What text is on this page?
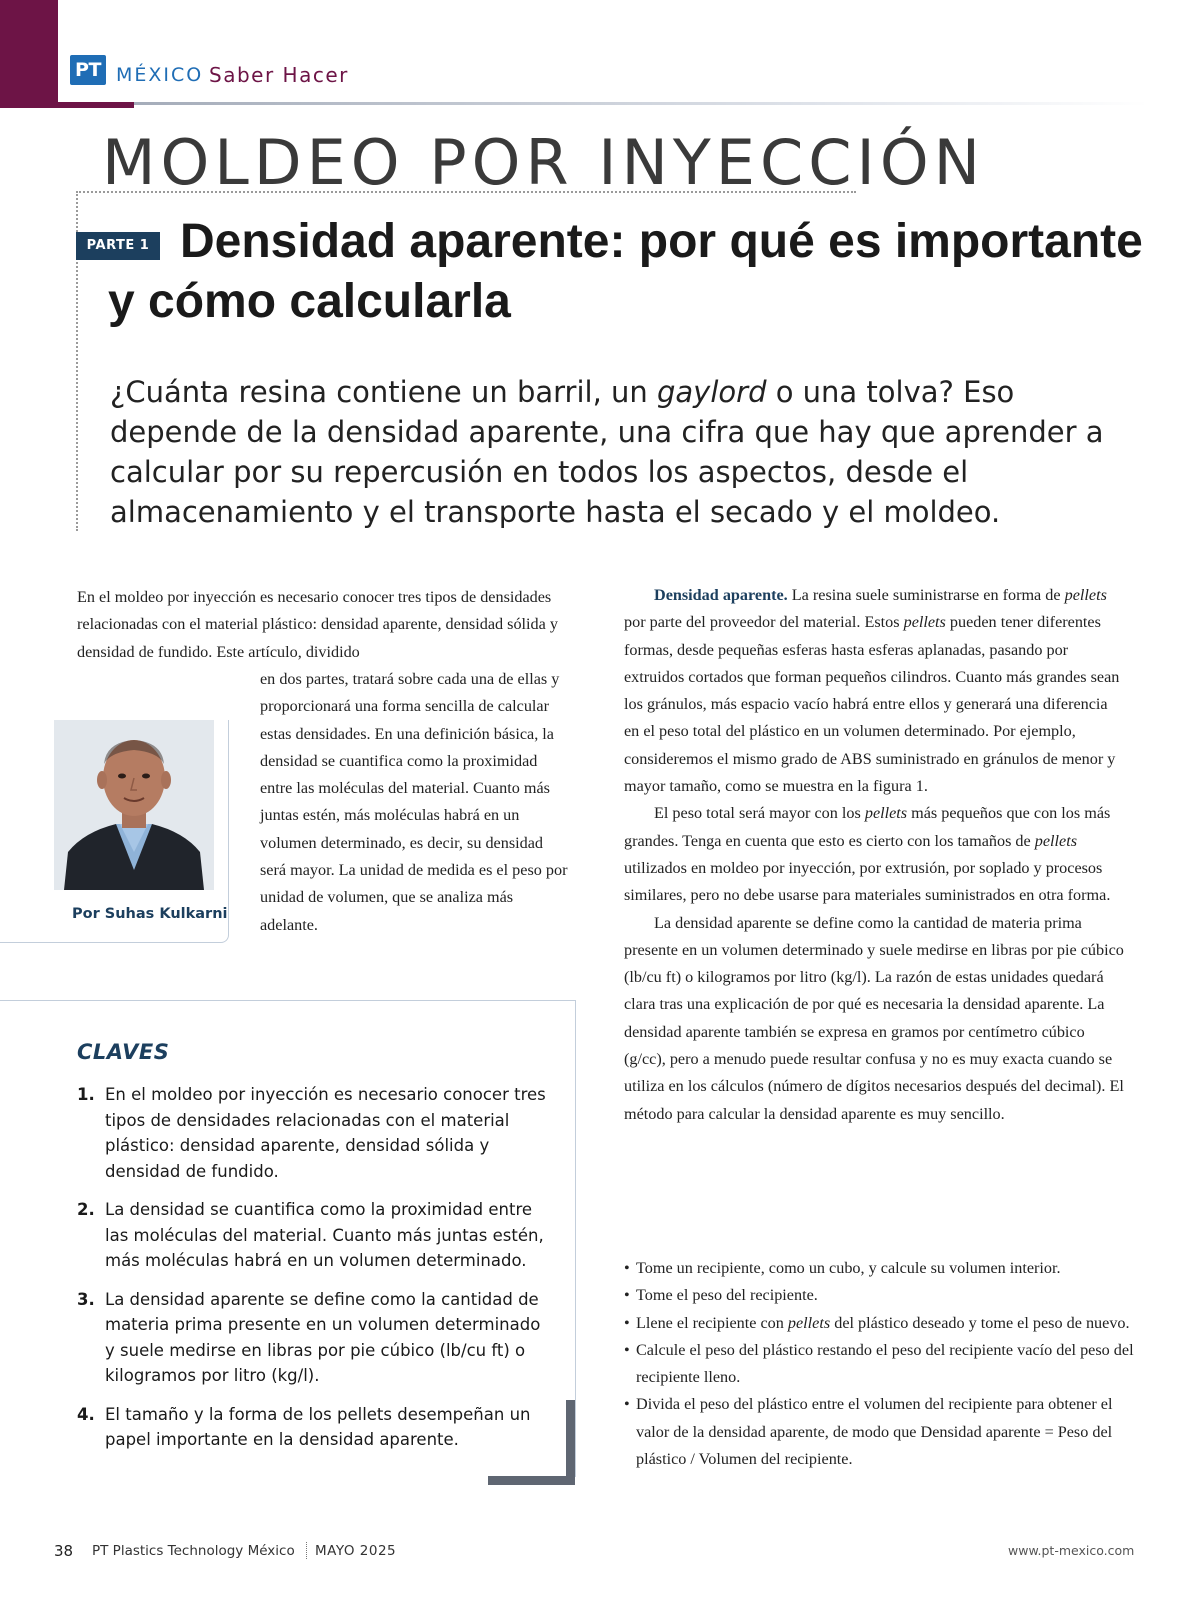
PT MÉXICO Saber Hacer
MOLDEO POR INYECCIÓN
PARTE 1 Densidad aparente: por qué es importante
y cómo calcularla

¿Cuánta resina contiene un barril, un gaylord o una tolva? Eso depende de la densidad aparente, una cifra que hay que aprender a calcular por su repercusión en todos los aspectos, desde el almacenamiento y el transporte hasta el secado y el moldeo.

En el moldeo por inyección es necesario conocer tres tipos de densidades relacionadas con el material plástico: densidad aparente, densidad sólida y densidad de fundido. Este artículo, dividido

en dos partes, tratará sobre cada una de ellas y proporcionará una forma sencilla de calcular estas densidades. En una definición básica, la densidad se cuantifica como la proximidad entre las moléculas del material. Cuanto más juntas estén, más moléculas habrá en un volumen determinado, es decir, su densidad será mayor. La unidad de medida es el peso por unidad de volumen, que se analiza más adelante.

Por Suhas Kulkarni
CLAVES
1. En el moldeo por inyección es necesario conocer tres tipos de densidades relacionadas con el material plástico: densidad aparente, densidad sólida y densidad de fundido.
2. La densidad se cuantifica como la proximidad entre las moléculas del material. Cuanto más juntas estén, más moléculas habrá en un volumen determinado.
3. La densidad aparente se define como la cantidad de materia prima presente en un volumen determinado y suele medirse en libras por pie cúbico (lb/cu ft) o kilogramos por litro (kg/l).
4. El tamaño y la forma de los pellets desempeñan un papel importante en la densidad aparente.

Densidad aparente. La resina suele suministrarse en forma de pellets por parte del proveedor del material. Estos pellets pueden tener diferentes formas, desde pequeñas esferas hasta esferas aplanadas, pasando por extruidos cortados que forman pequeños cilindros. Cuanto más grandes sean los gránulos, más espacio vacío habrá entre ellos y generará una diferencia en el peso total del plástico en un volumen determinado. Por ejemplo, consideremos el mismo grado de ABS suministrado en gránulos de menor y mayor tamaño, como se muestra en la figura 1.

El peso total será mayor con los pellets más pequeños que con los más grandes. Tenga en cuenta que esto es cierto con los tamaños de pellets utilizados en moldeo por inyección, por extrusión, por soplado y procesos similares, pero no debe usarse para materiales suministrados en otra forma.

La densidad aparente se define como la cantidad de materia prima presente en un volumen determinado y suele medirse en libras por pie cúbico (lb/cu ft) o kilogramos por litro (kg/l). La razón de estas unidades quedará clara tras una explicación de por qué es necesaria la densidad aparente. La densidad aparente también se expresa en gramos por centímetro cúbico (g/cc), pero a menudo puede resultar confusa y no es muy exacta cuando se utiliza en los cálculos (número de dígitos necesarios después del decimal). El método para calcular la densidad aparente es muy sencillo.

• Tome un recipiente, como un cubo, y calcule su volumen interior.
• Tome el peso del recipiente.
• Llene el recipiente con pellets del plástico deseado y tome el peso de nuevo.
• Calcule el peso del plástico restando el peso del recipiente vacío del peso del recipiente lleno.
• Divida el peso del plástico entre el volumen del recipiente para obtener el valor de la densidad aparente, de modo que Densidad aparente = Peso del plástico / Volumen del recipiente.
38 PT Plastics Technology México MAYO 2025	www.pt-mexico.com
